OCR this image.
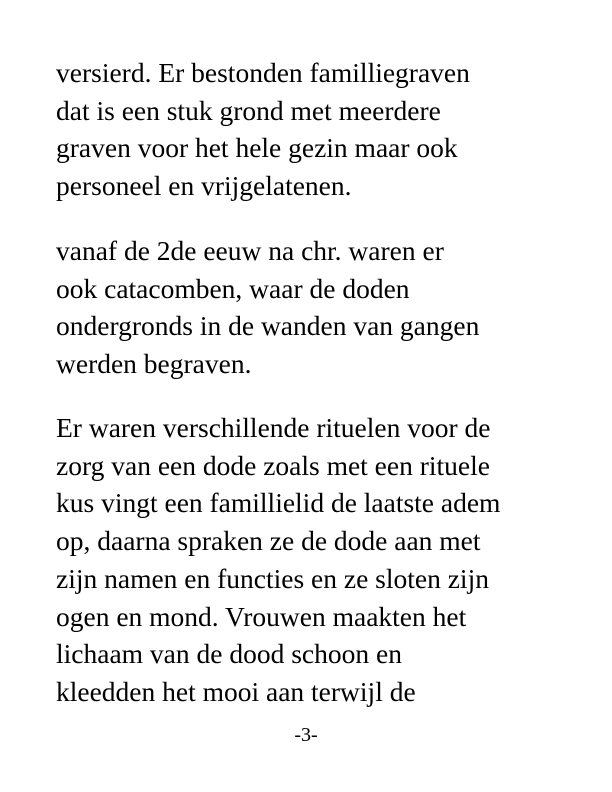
versierd. Er bestonden familliegraven
dat is een stuk grond met meerdere
graven voor het hele gezin maar ook
personeel en vrijgelatenen.

vanaf de 2de eeuw na chr. waren er
ook catacomben, waar de doden
ondergronds in de wanden van gangen
werden begraven.

Er waren verschillende rituelen voor de
zorg van een dode zoals met een rituele
kus vingt een famillielid de laatste adem
op, daarna spraken ze de dode aan met
zijn namen en functies en ze sloten zijn
ogen en mond. Vrouwen maakten het
lichaam van de dood schoon en
kleedden het mooi aan terwijl de

-3-
